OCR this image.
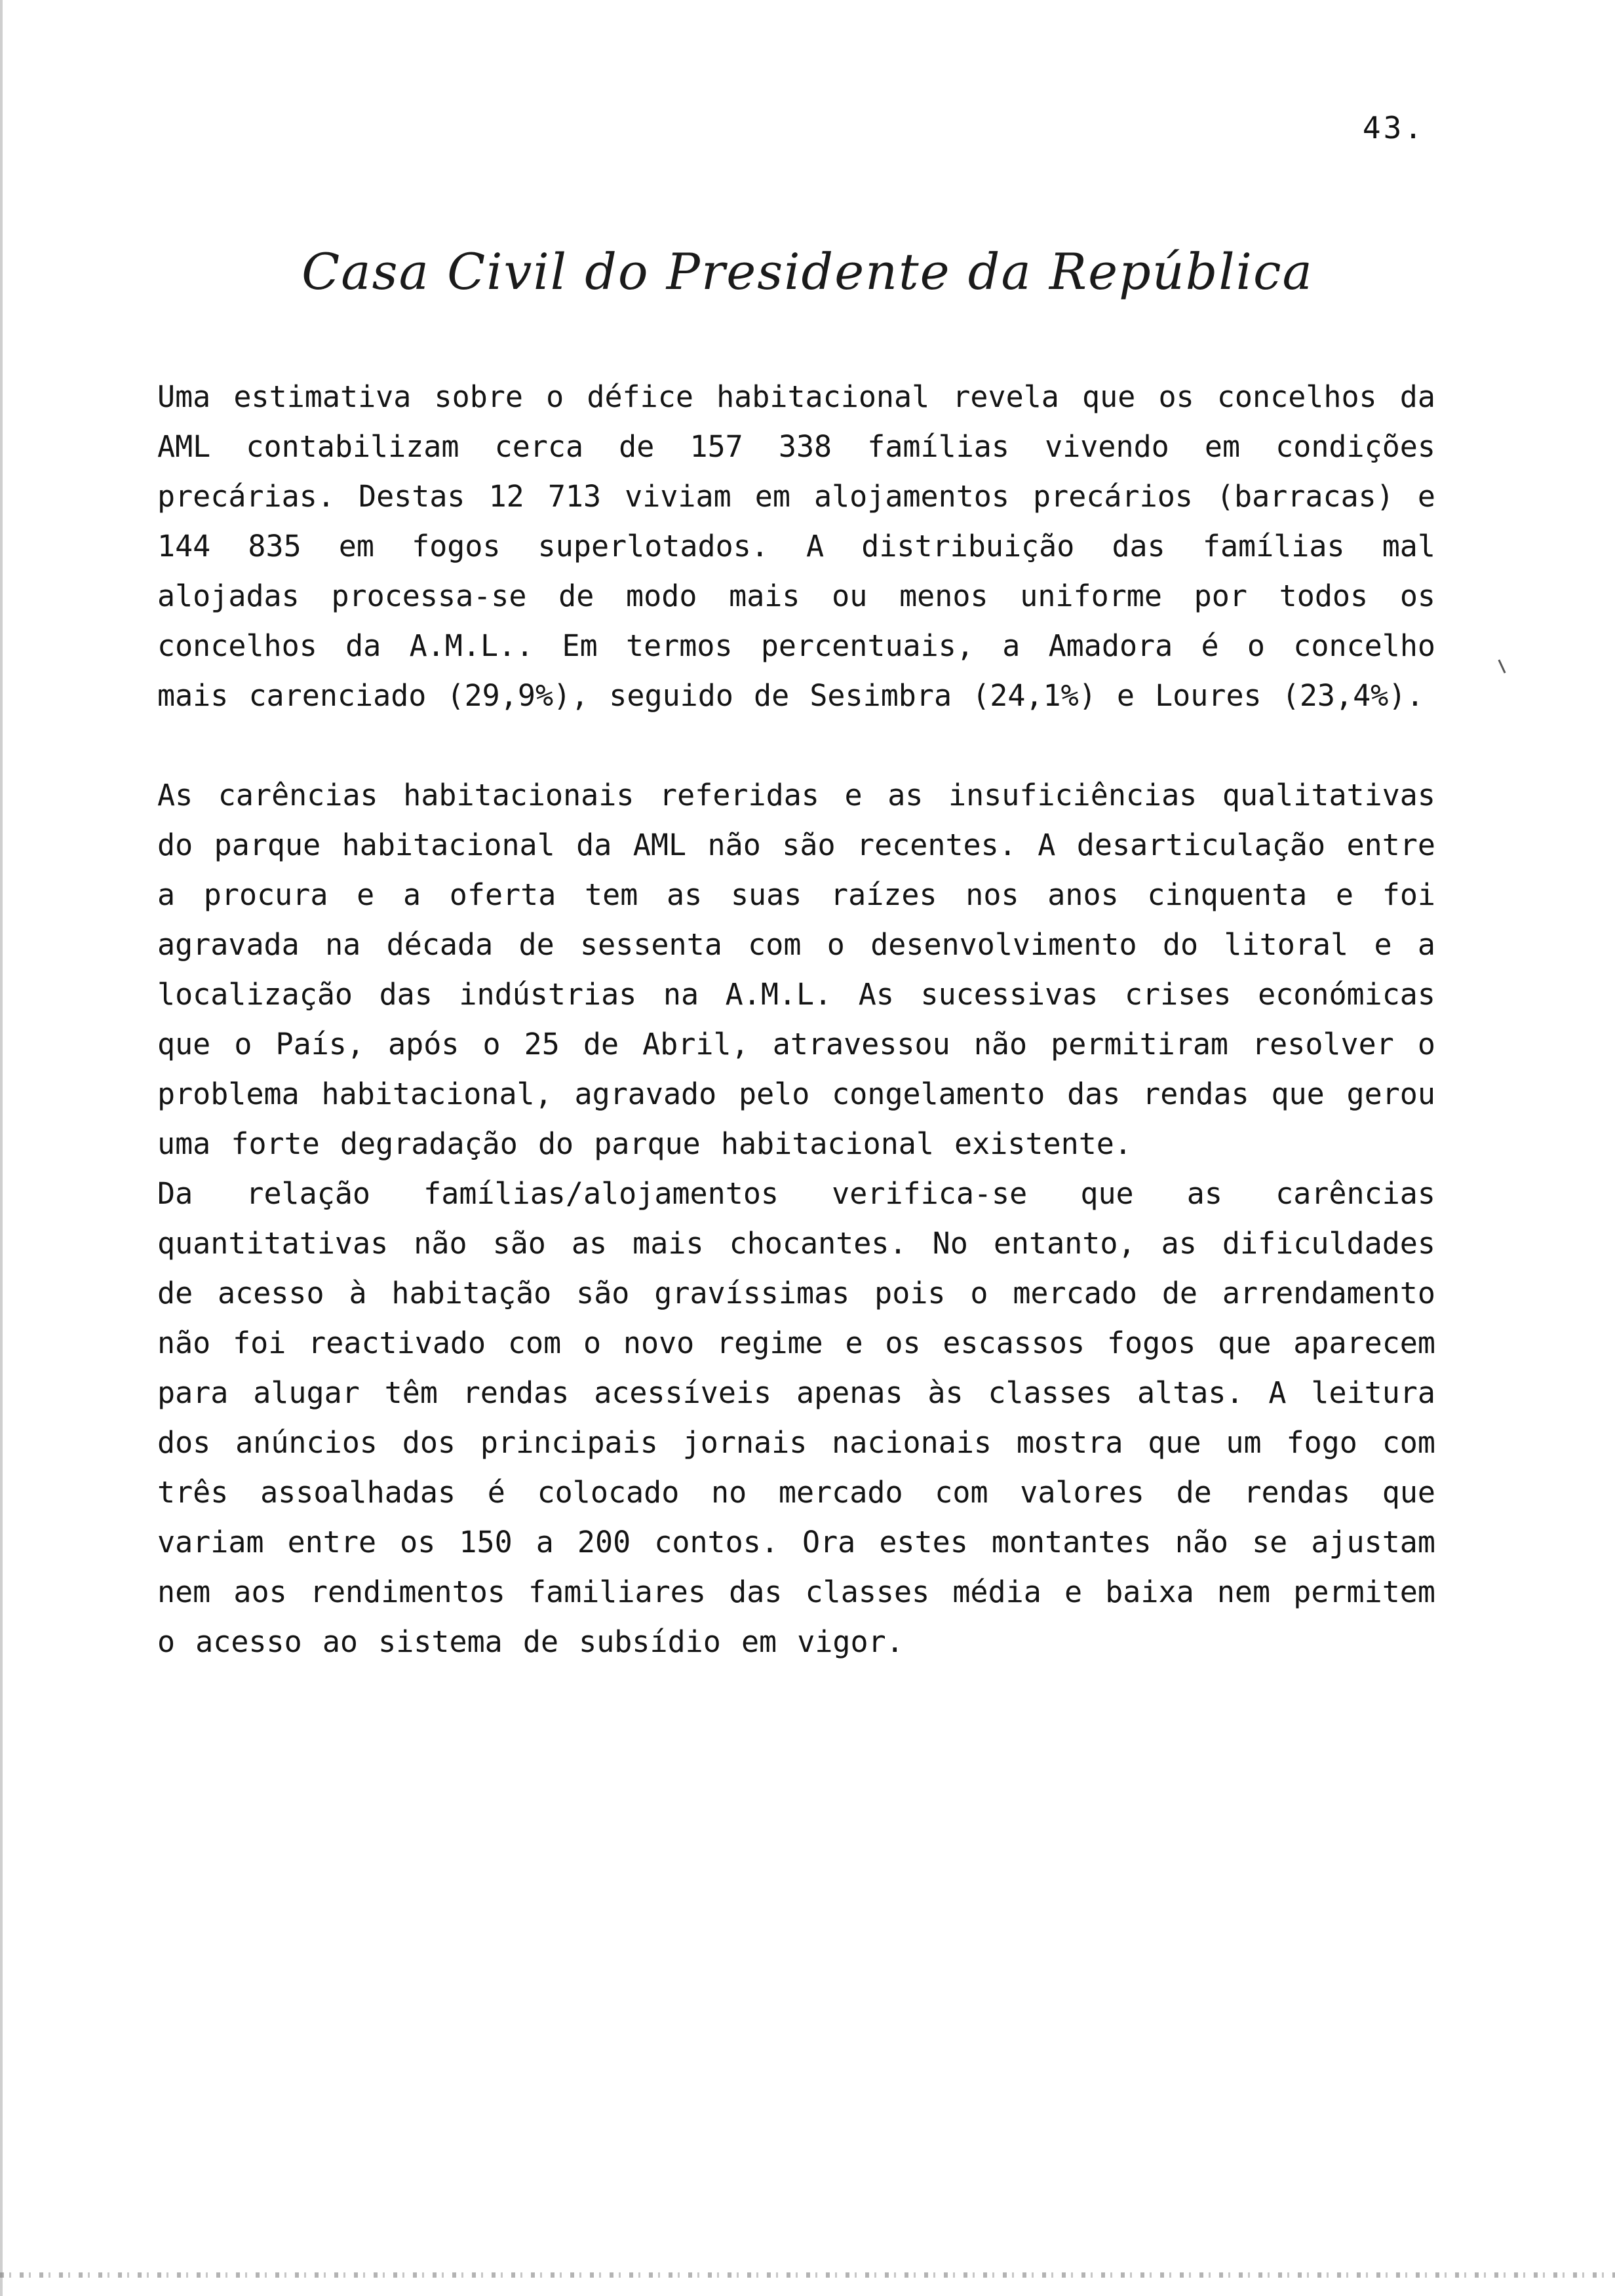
43.
Casa Civil do Presidente da República

Uma estimativa sobre o défice habitacional revela que os concelhos da AML contabilizam cerca de 157 338 famílias vivendo em condições precárias. Destas 12 713 viviam em alojamentos precários (barracas) e 144 835 em fogos superlotados. A distribuição das famílias mal alojadas processa-se de modo mais ou menos uniforme por todos os concelhos da A.M.L.. Em termos percentuais, a Amadora é o concelho mais carenciado (29,9%), seguido de Sesimbra (24,1%) e Loures (23,4%).

As carências habitacionais referidas e as insuficiências qualitativas do parque habitacional da AML não são recentes. A desarticulação entre a procura e a oferta tem as suas raízes nos anos cinquenta e foi agravada na década de sessenta com o desenvolvimento do litoral e a localização das indústrias na A.M.L. As sucessivas crises económicas que o País, após o 25 de Abril, atravessou não permitiram resolver o problema habitacional, agravado pelo congelamento das rendas que gerou uma forte degradação do parque habitacional existente.

Da relação famílias/alojamentos verifica-se que as carências quantitativas não são as mais chocantes. No entanto, as dificuldades de acesso à habitação são gravíssimas pois o mercado de arrendamento não foi reactivado com o novo regime e os escassos fogos que aparecem para alugar têm rendas acessíveis apenas às classes altas. A leitura dos anúncios dos principais jornais nacionais mostra que um fogo com três assoalhadas é colocado no mercado com valores de rendas que variam entre os 150 a 200 contos. Ora estes montantes não se ajustam nem aos rendimentos familiares das classes média e baixa nem permitem o acesso ao sistema de subsídio em vigor.
